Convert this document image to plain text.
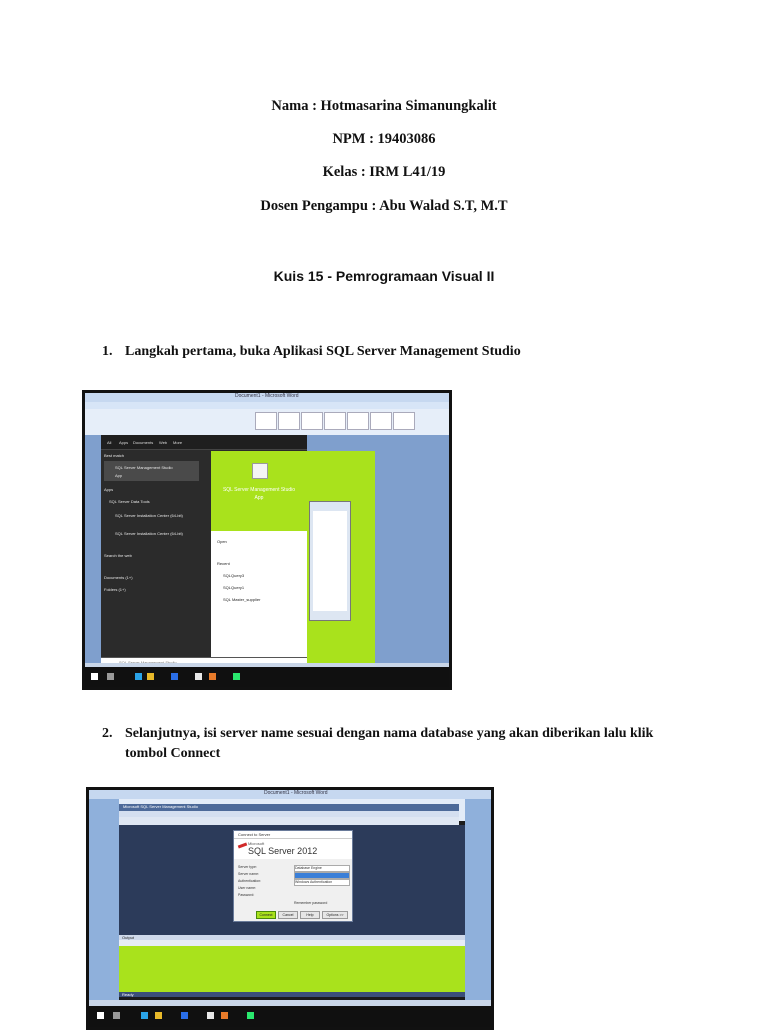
Nama : Hotmasarina Simanungkalit
NPM : 19403086
Kelas : IRM L41/19
Dosen Pengampu : Abu Walad S.T, M.T
Kuis 15 - Pemrogramaan Visual II
1. Langkah pertama, buka Aplikasi SQL Server Management Studio
Document1 - Microsoft Word
All Apps Documents Web More
Best match
SQL Server Management Studio
App
Apps
SQL Server Data Tools
SQL Server Installation Center (64-bit)
SQL Server Installation Center (64-bit)
Search the web
Documents (1+)
Folders (1+)
SQL Server Management Studio
App
Open
Recent
SQLQuery3
SQLQuery1
SQL Master_supplier
2. Selanjutnya, isi server name sesuai dengan nama database yang akan diberikan lalu klik tombol Connect
Document1 - Microsoft Word
Microsoft SQL Server Management Studio
Connect to Server
Microsoft
SQL Server 2012
Server type:	Database Engine
Server name:
Authentication:	Windows Authentication
User name:
Password:
Remember password
Connect	Cancel	Help	Options >>
Output
Ready
